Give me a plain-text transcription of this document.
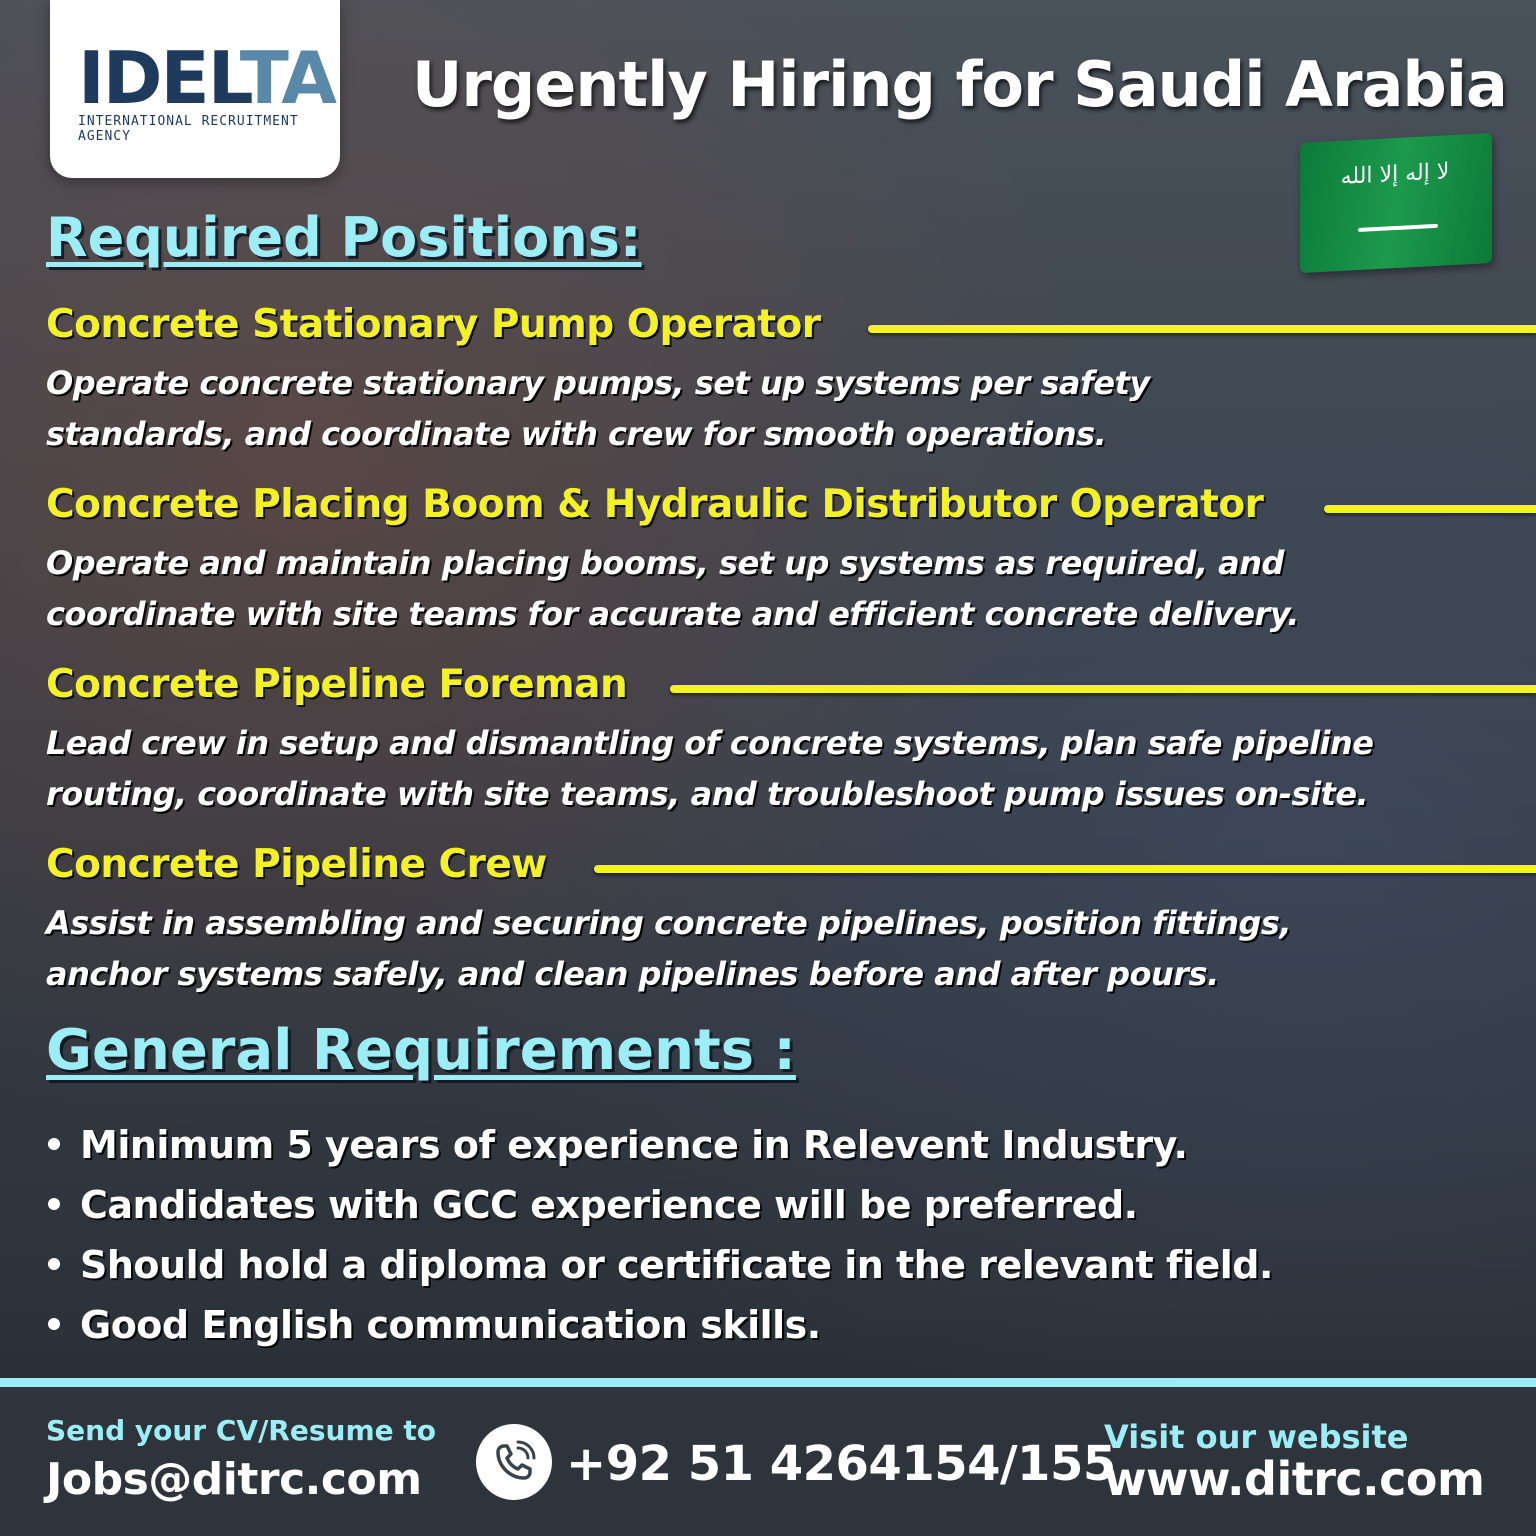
IDELTA
INTERNATIONAL RECRUITMENT AGENCY
Urgently Hiring for Saudi Arabia
لا إله إلا الله
Required Positions:
Concrete Stationary Pump Operator
Operate concrete stationary pumps, set up systems per safety
standards, and coordinate with crew for smooth operations.
Concrete Placing Boom & Hydraulic Distributor Operator
Operate and maintain placing booms, set up systems as required, and
coordinate with site teams for accurate and efficient concrete delivery.
Concrete Pipeline Foreman
Lead crew in setup and dismantling of concrete systems, plan safe pipeline
routing, coordinate with site teams, and troubleshoot pump issues on-site.
Concrete Pipeline Crew
Assist in assembling and securing concrete pipelines, position fittings,
anchor systems safely, and clean pipelines before and after pours.
General Requirements :
Minimum 5 years of experience in Relevent Industry.
Candidates with GCC experience will be preferred.
Should hold a diploma or certificate in the relevant field.
Good English communication skills.
Send your CV/Resume to
Jobs@ditrc.com	+92 51 4264154/155
Visit our website
www.ditrc.com
